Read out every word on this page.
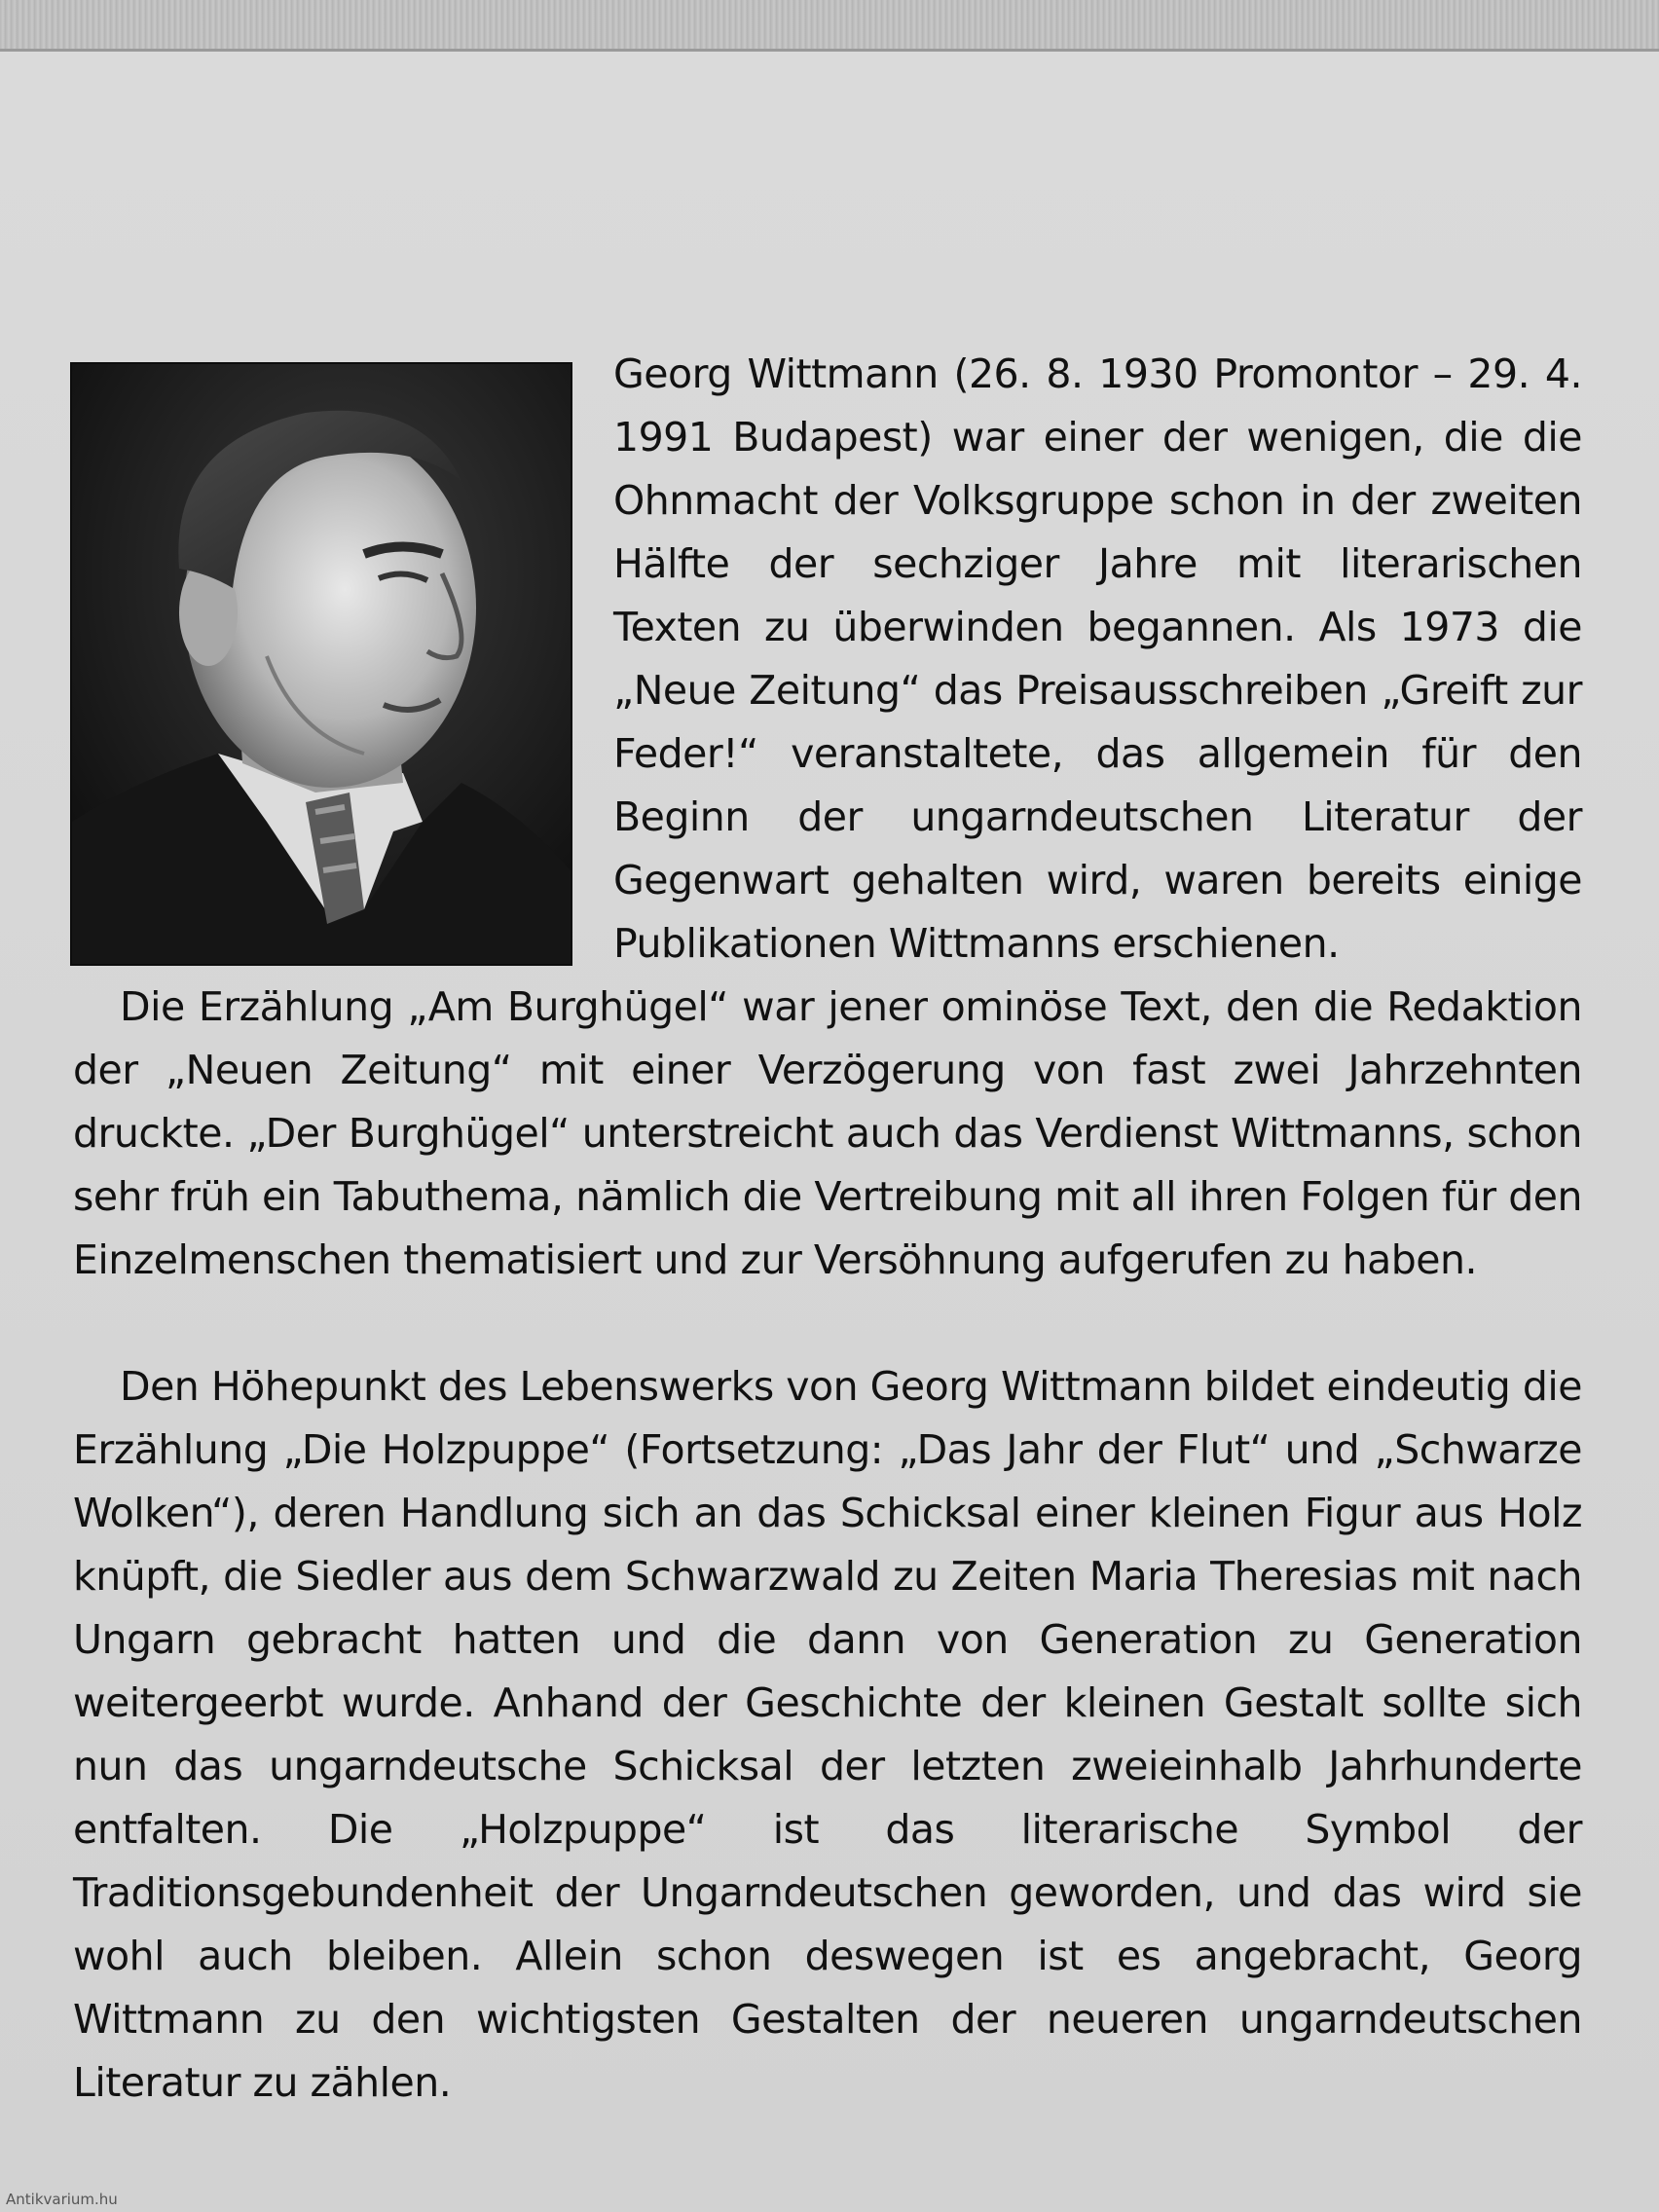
Georg Wittmann (26. 8. 1930 Promontor – 29. 4. 1991 Budapest) war einer der wenigen, die die Ohnmacht der Volksgruppe schon in der zweiten Hälfte der sechziger Jahre mit literarischen Texten zu überwinden begannen. Als 1973 die „Neue Zeitung“ das Preisausschreiben „Greift zur Feder!“ veranstaltete, das allgemein für den Beginn der ungarndeutschen Literatur der Gegenwart gehalten wird, waren bereits einige Publikationen Wittmanns erschienen.

Die Erzählung „Am Burghügel“ war jener ominöse Text, den die Redaktion der „Neuen Zeitung“ mit einer Verzögerung von fast zwei Jahrzehnten druckte. „Der Burghügel“ unterstreicht auch das Verdienst Wittmanns, schon sehr früh ein Tabuthema, nämlich die Vertreibung mit all ihren Folgen für den Einzelmenschen thematisiert und zur Versöhnung aufgerufen zu haben.

Den Höhepunkt des Lebenswerks von Georg Wittmann bildet eindeutig die Erzählung „Die Holzpuppe“ (Fortsetzung: „Das Jahr der Flut“ und „Schwarze Wolken“), deren Handlung sich an das Schicksal einer kleinen Figur aus Holz knüpft, die Siedler aus dem Schwarzwald zu Zeiten Maria Theresias mit nach Ungarn gebracht hatten und die dann von Generation zu Generation weitergeerbt wurde. Anhand der Geschichte der kleinen Gestalt sollte sich nun das ungarndeutsche Schicksal der letzten zweieinhalb Jahrhunderte entfalten. Die „Holzpuppe“ ist das literarische Symbol der Traditionsgebundenheit der Ungarndeutschen geworden, und das wird sie wohl auch bleiben. Allein schon deswegen ist es angebracht, Georg Wittmann zu den wichtigsten Gestalten der neueren ungarndeutschen Literatur zu zählen.

Antikvarium.hu
